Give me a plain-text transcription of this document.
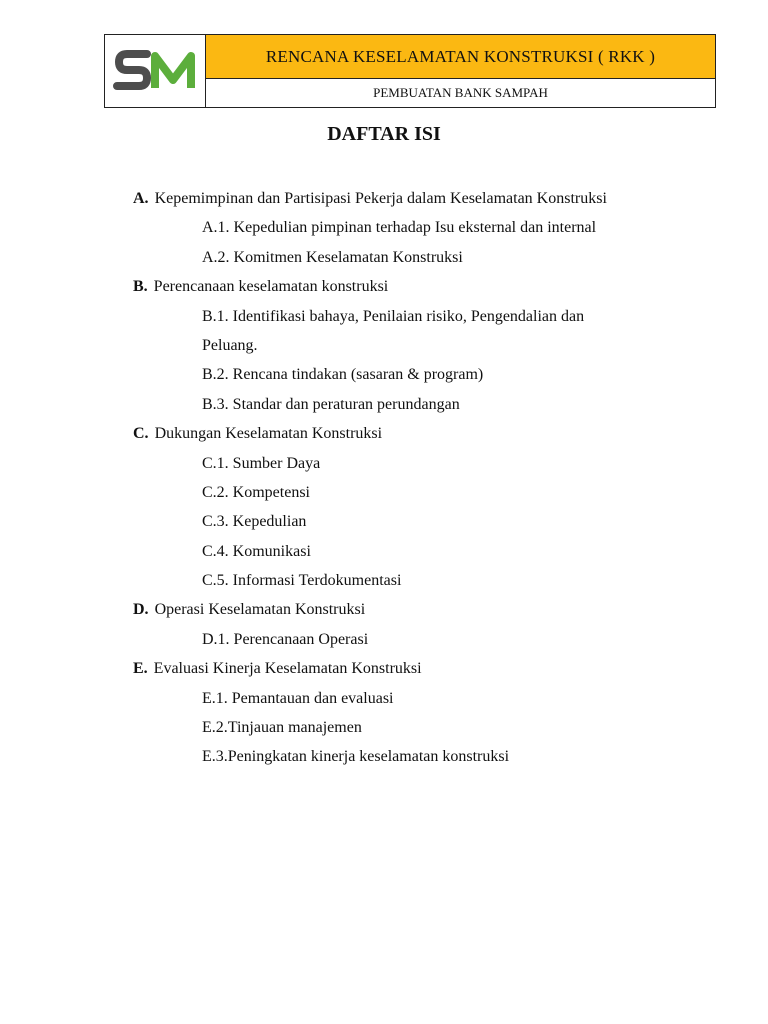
RENCANA KESELAMATAN KONSTRUKSI ( RKK )
PEMBUATAN BANK SAMPAH
DAFTAR ISI
A. Kepemimpinan dan Partisipasi Pekerja dalam Keselamatan Konstruksi
A.1. Kepedulian pimpinan terhadap Isu eksternal dan internal
A.2. Komitmen Keselamatan Konstruksi
B. Perencanaan keselamatan konstruksi
B.1. Identifikasi bahaya, Penilaian risiko, Pengendalian dan
Peluang.
B.2. Rencana tindakan (sasaran & program)
B.3. Standar dan peraturan perundangan
C. Dukungan Keselamatan Konstruksi
C.1. Sumber Daya
C.2. Kompetensi
C.3. Kepedulian
C.4. Komunikasi
C.5. Informasi Terdokumentasi
D. Operasi Keselamatan Konstruksi
D.1. Perencanaan Operasi
E. Evaluasi Kinerja Keselamatan Konstruksi
E.1. Pemantauan dan evaluasi
E.2.Tinjauan manajemen
E.3.Peningkatan kinerja keselamatan konstruksi
